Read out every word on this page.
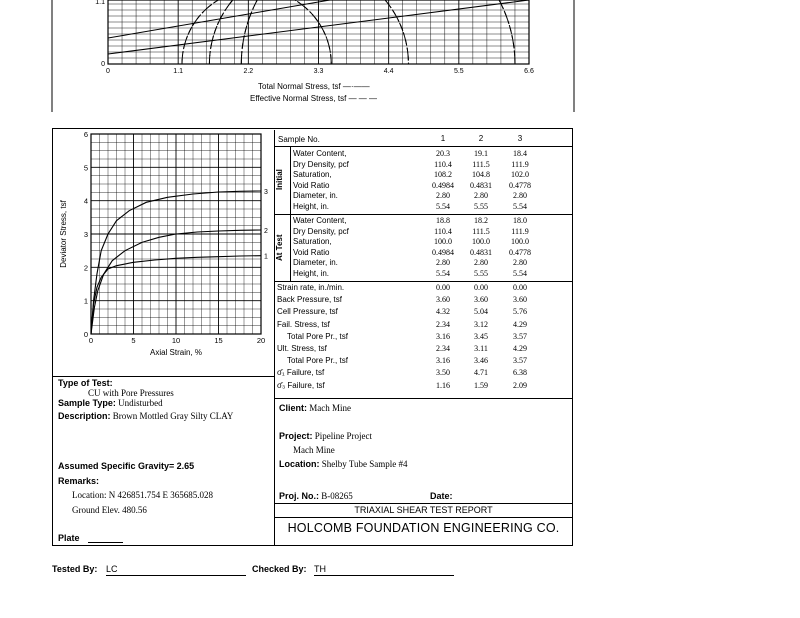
0	1.1	2.2	3.3	4.4	5.5	6.6
0
1.1
Total Normal Stress, tsf —·——
Effective Normal Stress, tsf — — —
1
2
3
0	5	10	15	20
0
1
2
3
4
5
6
Deviator Stress, tsf
Axial Strain, %
Sample No.
Initial
At Test
1	2	3
Water Content,	20.3	19.1	18.4
Dry Density, pcf	110.4	111.5	111.9
Saturation,	108.2	104.8	102.0
Void Ratio	0.4984	0.4831	0.4778
Diameter, in.	2.80	2.80	2.80
Height, in.	5.54	5.55	5.54
Water Content,	18.8	18.2	18.0
Dry Density, pcf	110.4	111.5	111.9
Saturation,	100.0	100.0	100.0
Void Ratio	0.4984	0.4831	0.4778
Diameter, in.	2.80	2.80	2.80
Height, in.	5.54	5.55	5.54
Strain rate, in./min.	0.00	0.00	0.00
Back Pressure, tsf	3.60	3.60	3.60
Cell Pressure, tsf	4.32	5.04	5.76
Fail. Stress, tsf	2.34	3.12	4.29
Total Pore Pr., tsf	3.16	3.45	3.57
Ult. Stress, tsf	2.34	3.11	4.29
Total Pore Pr., tsf	3.16	3.46	3.57
σ̄₁ Failure, tsf	3.50	4.71	6.38
σ̄₃ Failure, tsf	1.16	1.59	2.09
Type of Test:
CU with Pore Pressures
Sample Type: Undisturbed
Description: Brown Mottled Gray Silty CLAY
Assumed Specific Gravity= 2.65
Remarks:
Location: N 426851.754 E 365685.028
Ground Elev. 480.56
Plate
Client: Mach Mine
Project: Pipeline Project
Mach Mine
Location: Shelby Tube Sample #4
Proj. No.: B-08265	Date:
TRIAXIAL SHEAR TEST REPORT
HOLCOMB FOUNDATION ENGINEERING CO.
Tested By: LC	Checked By: TH
